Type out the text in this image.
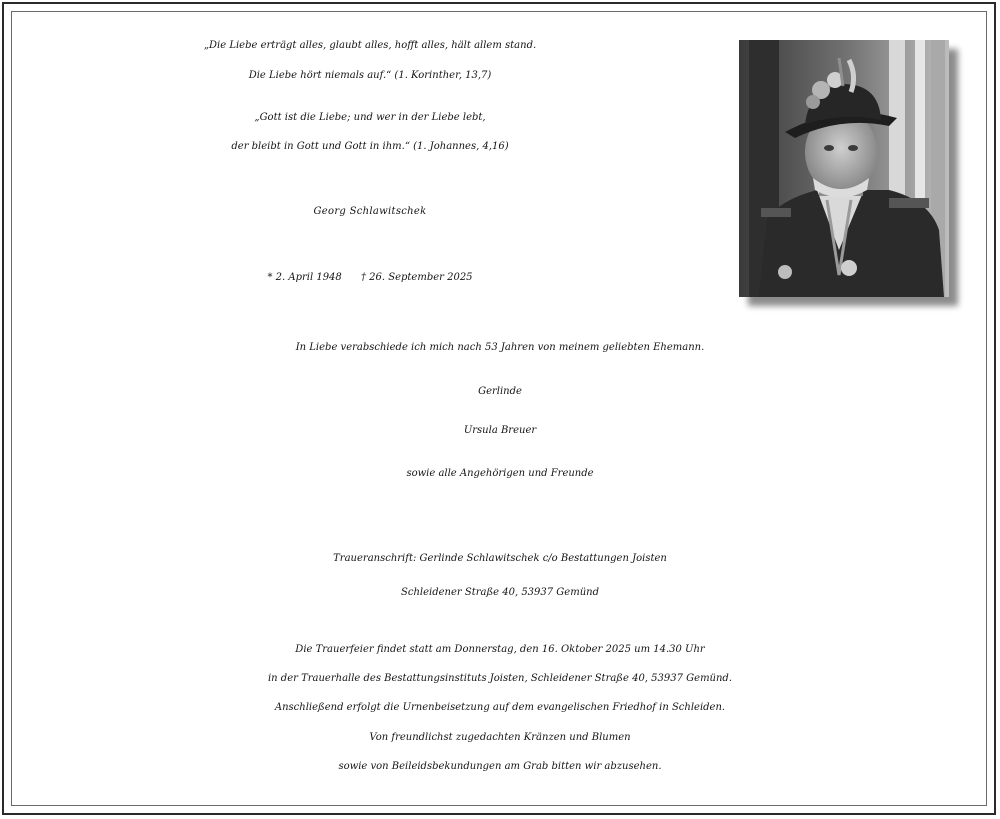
„Die Liebe erträgt alles, glaubt alles, hofft alles, hält allem stand.
Die Liebe hört niemals auf.“ (1. Korinther, 13,7)
„Gott ist die Liebe; und wer in der Liebe lebt,
der bleibt in Gott und Gott in ihm.“ (1. Johannes, 4,16)
Georg Schlawitschek
* 2. April 1948 † 26. September 2025
In Liebe verabschiede ich mich nach 53 Jahren von meinem geliebten Ehemann.
Gerlinde
Ursula Breuer
sowie alle Angehörigen und Freunde
Traueranschrift: Gerlinde Schlawitschek c/o Bestattungen Joisten
Schleidener Straße 40, 53937 Gemünd
Die Trauerfeier findet statt am Donnerstag, den 16. Oktober 2025 um 14.30 Uhr
in der Trauerhalle des Bestattungsinstituts Joisten, Schleidener Straße 40, 53937 Gemünd.
Anschließend erfolgt die Urnenbeisetzung auf dem evangelischen Friedhof in Schleiden.
Von freundlichst zugedachten Kränzen und Blumen
sowie von Beileidsbekundungen am Grab bitten wir abzusehen.
